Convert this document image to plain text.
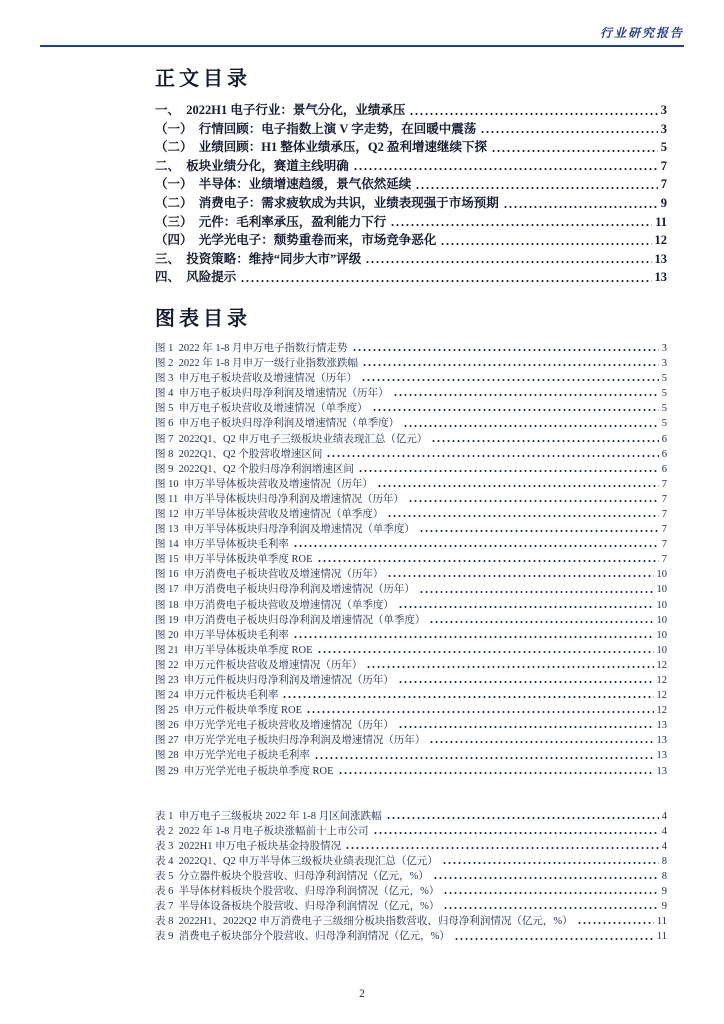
行业研究报告
正文目录
一、  2022H1 电子行业：景气分化，业绩承压	3
（一）  行情回顾：电子指数上演 V 字走势，在回暖中震荡	3
（二）  业绩回顾：H1 整体业绩承压，Q2 盈利增速继续下探	5
二、  板块业绩分化，赛道主线明确	7
（一）  半导体：业绩增速趋缓，景气依然延续	7
（二）  消费电子：需求疲软成为共识，业绩表现强于市场预期	9
（三）  元件：毛利率承压，盈利能力下行	11
（四）  光学光电子：颓势重卷而来，市场竞争恶化	12
三、  投资策略：维持“同步大市”评级	13
四、  风险提示	13
图表目录
图 1  2022 年 1-8 月申万电子指数行情走势	3
图 2  2022 年 1-8 月申万一级行业指数涨跌幅	3
图 3  申万电子板块营收及增速情况（历年）	5
图 4  申万电子板块归母净利润及增速情况（历年）	5
图 5  申万电子板块营收及增速情况（单季度）	5
图 6  申万电子板块归母净利润及增速情况（单季度）	5
图 7  2022Q1、Q2 申万电子三级板块业绩表现汇总（亿元）	6
图 8  2022Q1、Q2 个股营收增速区间	6
图 9  2022Q1、Q2 个股归母净利润增速区间	6
图 10  申万半导体板块营收及增速情况（历年）	7
图 11  申万半导体板块归母净利润及增速情况（历年）	7
图 12  申万半导体板块营收及增速情况（单季度）	7
图 13  申万半导体板块归母净利润及增速情况（单季度）	7
图 14  申万半导体板块毛利率	7
图 15  申万半导体板块单季度 ROE	7
图 16  申万消费电子板块营收及增速情况（历年）	10
图 17  申万消费电子板块归母净利润及增速情况（历年）	10
图 18  申万消费电子板块营收及增速情况（单季度）	10
图 19  申万消费电子板块归母净利润及增速情况（单季度）	10
图 20  申万半导体板块毛利率	10
图 21  申万半导体板块单季度 ROE	10
图 22  申万元件板块营收及增速情况（历年）	12
图 23  申万元件板块归母净利润及增速情况（历年）	12
图 24  申万元件板块毛利率	12
图 25  申万元件板块单季度 ROE	12
图 26  申万光学光电子板块营收及增速情况（历年）	13
图 27  申万光学光电子板块归母净利润及增速情况（历年）	13
图 28  申万光学光电子板块毛利率	13
图 29  申万光学光电子板块单季度 ROE	13
表 1  申万电子三级板块 2022 年 1-8 月区间涨跌幅	4
表 2  2022 年 1-8 月电子板块涨幅前十上市公司	4
表 3  2022H1 申万电子板块基金持股情况	4
表 4  2022Q1、Q2 申万半导体三级板块业绩表现汇总（亿元）	8
表 5  分立器件板块个股营收、归母净利润情况（亿元，%）	8
表 6  半导体材料板块个股营收、归母净利润情况（亿元，%）	9
表 7  半导体设备板块个股营收、归母净利润情况（亿元，%）	9
表 8  2022H1、2022Q2 申万消费电子三级细分板块指数营收、归母净利润情况（亿元，%）	11
表 9  消费电子板块部分个股营收、归母净利润情况（亿元，%）	11
2
